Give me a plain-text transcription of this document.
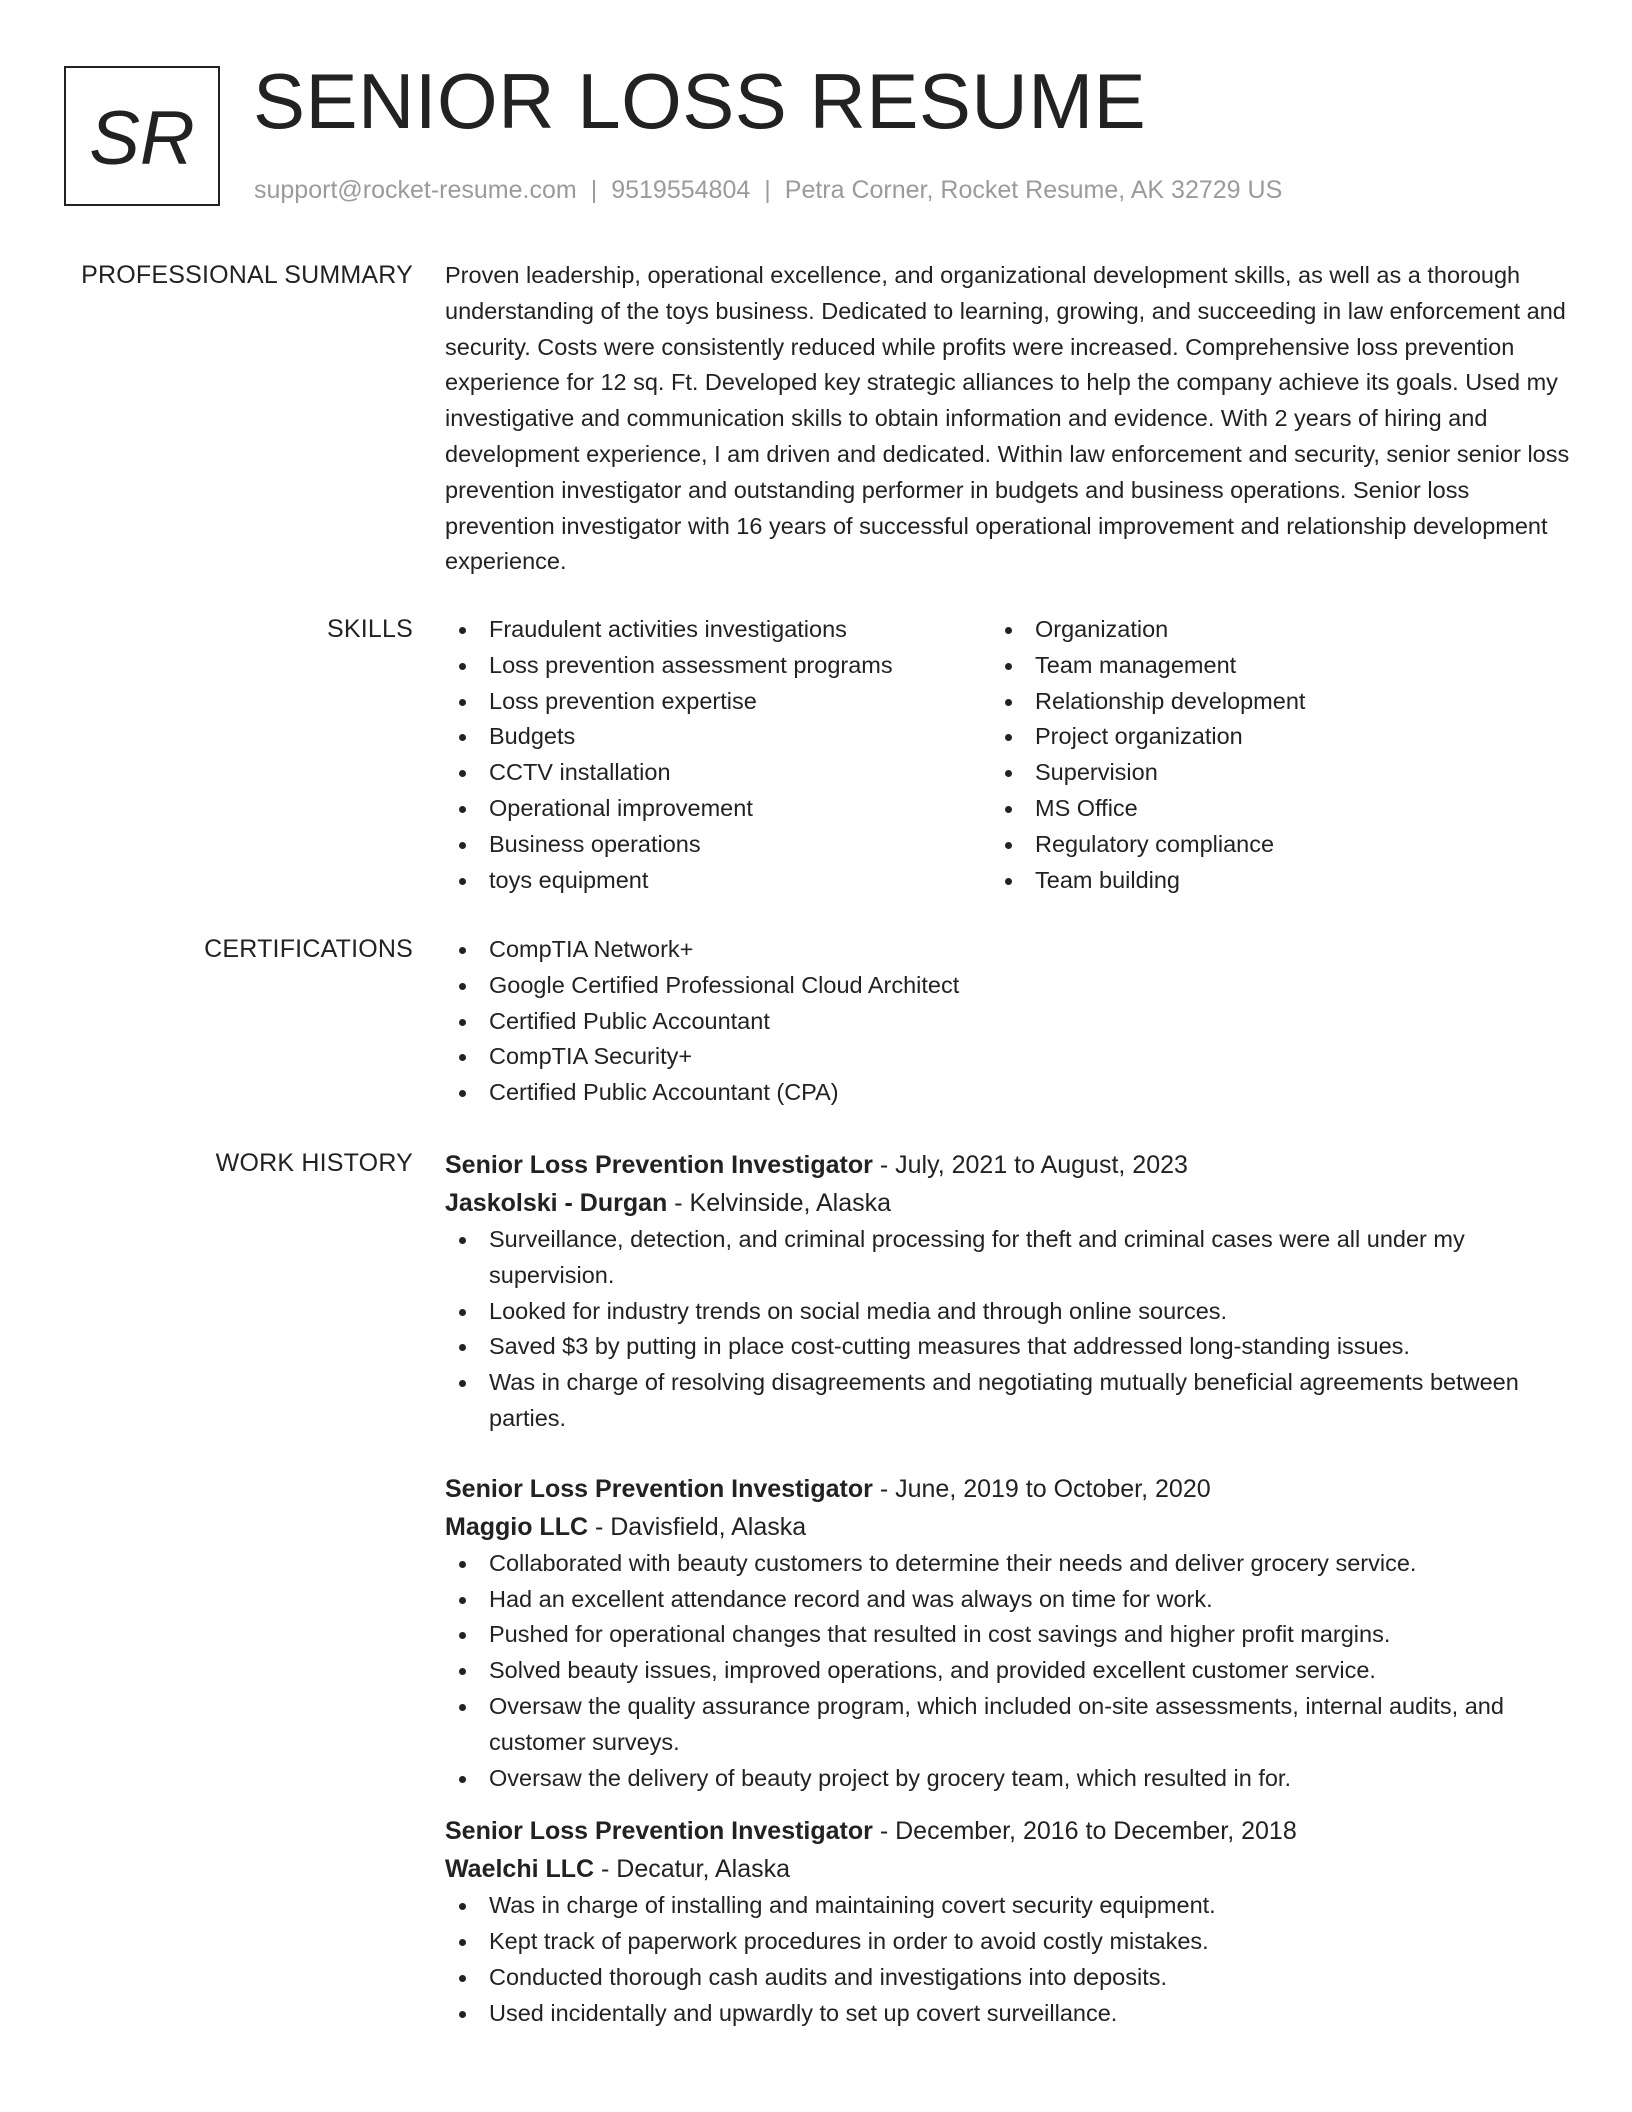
SR SENIOR LOSS RESUME
support@rocket-resume.com | 9519554804 | Petra Corner, Rocket Resume, AK 32729 US
PROFESSIONAL SUMMARY Proven leadership, operational excellence, and organizational development skills, as well as a thorough understanding of the toys business. Dedicated to learning, growing, and succeeding in law enforcement and security. Costs were consistently reduced while profits were increased. Comprehensive loss prevention experience for 12 sq. Ft. Developed key strategic alliances to help the company achieve its goals. Used my investigative and communication skills to obtain information and evidence. With 2 years of hiring and development experience, I am driven and dedicated. Within law enforcement and security, senior senior loss prevention investigator and outstanding performer in budgets and business operations. Senior loss prevention investigator with 16 years of successful operational improvement and relationship development experience.

SKILLS	Fraudulent activities investigations
Loss prevention assessment programs
Loss prevention expertise
Budgets
CCTV installation
Operational improvement
Business operations
toys equipment
Organization
Team management
Relationship development
Project organization
Supervision
MS Office
Regulatory compliance
Team building
CERTIFICATIONS	CompTIA Network+
Google Certified Professional Cloud Architect
Certified Public Accountant
CompTIA Security+
Certified Public Accountant (CPA)
WORK HISTORY Senior Loss Prevention Investigator - July, 2021 to August, 2023
Jaskolski - Durgan - Kelvinside, Alaska
Surveillance, detection, and criminal processing for theft and criminal cases were all under my supervision.
Looked for industry trends on social media and through online sources.
Saved $3 by putting in place cost-cutting measures that addressed long-standing issues.
Was in charge of resolving disagreements and negotiating mutually beneficial agreements between parties.
Senior Loss Prevention Investigator - June, 2019 to October, 2020
Maggio LLC - Davisfield, Alaska
Collaborated with beauty customers to determine their needs and deliver grocery service.
Had an excellent attendance record and was always on time for work.
Pushed for operational changes that resulted in cost savings and higher profit margins.
Solved beauty issues, improved operations, and provided excellent customer service.
Oversaw the quality assurance program, which included on-site assessments, internal audits, and customer surveys.
Oversaw the delivery of beauty project by grocery team, which resulted in for.
Senior Loss Prevention Investigator - December, 2016 to December, 2018
Waelchi LLC - Decatur, Alaska
Was in charge of installing and maintaining covert security equipment.
Kept track of paperwork procedures in order to avoid costly mistakes.
Conducted thorough cash audits and investigations into deposits.
Used incidentally and upwardly to set up covert surveillance.
